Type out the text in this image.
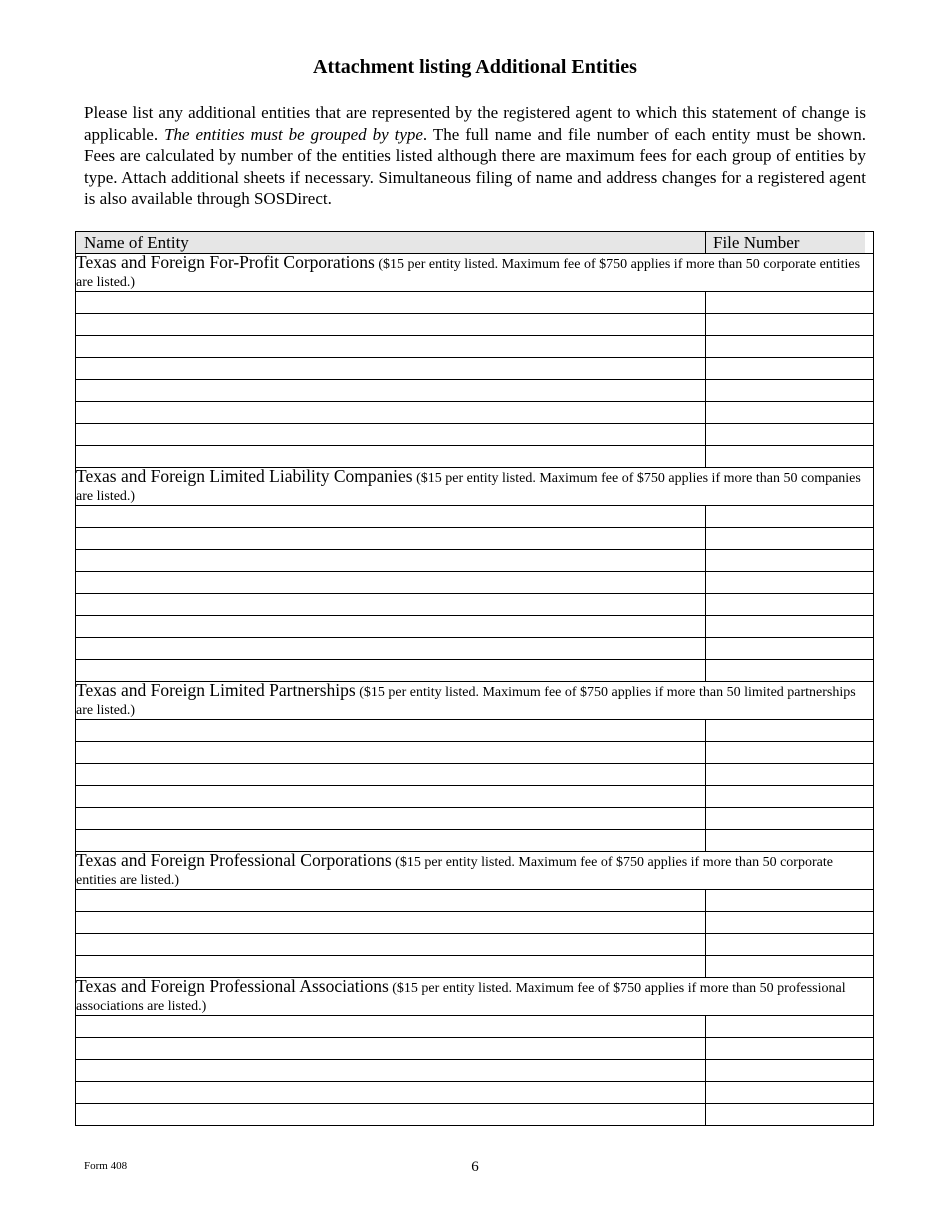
Attachment listing Additional Entities

Please list any additional entities that are represented by the registered agent to which this statement of change is applicable. The entities must be grouped by type. The full name and file number of each entity must be shown. Fees are calculated by number of the entities listed although there are maximum fees for each group of entities by type. Attach additional sheets if necessary. Simultaneous filing of name and address changes for a registered agent is also available through SOSDirect.

Name of Entity	File Number

Texas and Foreign For-Profit Corporations ($15 per entity listed. Maximum fee of $750 applies if more than 50 corporate entities are listed.)	

Texas and Foreign Limited Liability Companies ($15 per entity listed. Maximum fee of $750 applies if more than 50 companies are listed.)	

Texas and Foreign Limited Partnerships ($15 per entity listed. Maximum fee of $750 applies if more than 50 limited partnerships are listed.)	

Texas and Foreign Professional Corporations ($15 per entity listed. Maximum fee of $750 applies if more than 50 corporate entities are listed.)	

Texas and Foreign Professional Associations ($15 per entity listed. Maximum fee of $750 applies if more than 50 professional associations are listed.)	

Form 408	6
